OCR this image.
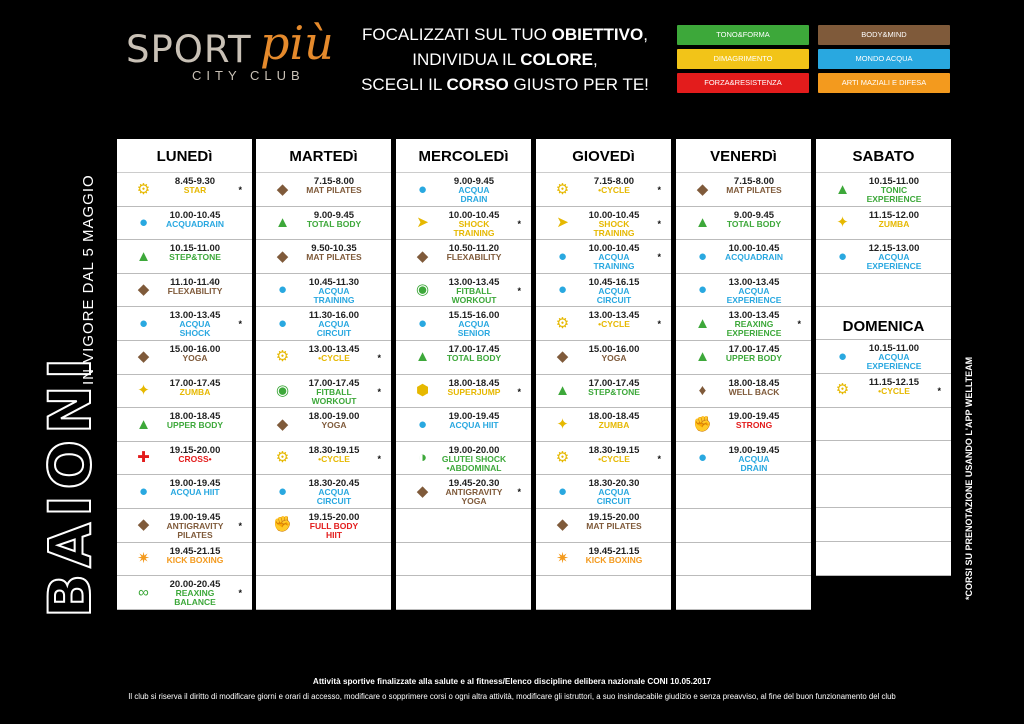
SPORT più
CITY CLUB
FOCALIZZATI SUL TUO OBIETTIVO,
INDIVIDUA IL COLORE,
SCEGLI IL CORSO GIUSTO PER TE!
TONO&FORMA	BODY&MIND
DIMAGRIMENTO	MONDO ACQUA
FORZA&RESISTENZA	ARTI MAZIALI E DIFESA
BAIONI
IN VIGORE DAL 5 MAGGIO
*CORSI SU PRENOTAZIONE USANDO L'APP WELLTEAM
LUNEDì
⚙	8.45-9.30
STAR	*
●	10.00-10.45
ACQUADRAIN
▲	10.15-11.00
STEP&TONE
◆	11.10-11.40
FLEXABILITY
●	13.00-13.45
ACQUA
SHOCK
*
◆	15.00-16.00
YOGA
✦	17.00-17.45
ZUMBA
▲	18.00-18.45
UPPER BODY
✚	19.15-20.00
CROSS•
●	19.00-19.45
ACQUA HIIT
◆	19.00-19.45
ANTIGRAVITY
PILATES
*
✷	19.45-21.15
KICK BOXING
∞	20.00-20.45
REAXING
BALANCE
*
MARTEDì
◆	7.15-8.00
MAT PILATES
▲	9.00-9.45
TOTAL BODY
◆	9.50-10.35
MAT PILATES
●	10.45-11.30
ACQUA
TRAINING
●	11.30-16.00
ACQUA
CIRCUIT
⚙	13.00-13.45
•CYCLE	*
◉	17.00-17.45
FITBALL
WORKOUT
*
◆	18.00-19.00
YOGA
⚙	18.30-19.15
•CYCLE	*
●	18.30-20.45
ACQUA
CIRCUIT
✊	19.15-20.00
FULL BODY
HIIT
MERCOLEDì
●	9.00-9.45
ACQUA
DRAIN
➤	10.00-10.45
SHOCK
TRAINING
*
◆	10.50-11.20
FLEXABILITY
◉	13.00-13.45
FITBALL
WORKOUT
*
●	15.15-16.00
ACQUA
SENIOR
▲	17.00-17.45
TOTAL BODY
⬢	18.00-18.45
SUPERJUMP	*
●	19.00-19.45
ACQUA HIIT
◑	19.00-20.00
GLUTEI SHOCK
•ABDOMINAL
◆	19.45-20.30
ANTIGRAVITY
YOGA
*
GIOVEDì
⚙	7.15-8.00
•CYCLE	*
➤	10.00-10.45
SHOCK
TRAINING
*
●	10.00-10.45
ACQUA
TRAINING
*
●	10.45-16.15
ACQUA
CIRCUIT
⚙	13.00-13.45
•CYCLE	*
◆	15.00-16.00
YOGA
▲	17.00-17.45
STEP&TONE
✦	18.00-18.45
ZUMBA
⚙	18.30-19.15
•CYCLE	*
●	18.30-20.30
ACQUA
CIRCUIT
◆	19.15-20.00
MAT PILATES
✷	19.45-21.15
KICK BOXING
VENERDì
◆	7.15-8.00
MAT PILATES
▲	9.00-9.45
TOTAL BODY
●	10.00-10.45
ACQUADRAIN
●	13.00-13.45
ACQUA
EXPERIENCE
▲	13.00-13.45
REAXING
EXPERIENCE
*
▲	17.00-17.45
UPPER BODY
♦	18.00-18.45
WELL BACK
✊	19.00-19.45
STRONG
●	19.00-19.45
ACQUA
DRAIN
SABATO
▲	10.15-11.00
TONIC
EXPERIENCE
✦	11.15-12.00
ZUMBA
●	12.15-13.00
ACQUA
EXPERIENCE
DOMENICA
●	10.15-11.00
ACQUA
EXPERIENCE
⚙	11.15-12.15
•CYCLE	*
Attività sportive finalizzate alla salute e al fitness/Elenco discipline delibera nazionale CONI 10.05.2017
Il club si riserva il diritto di modificare giorni e orari di accesso, modificare o sopprimere corsi o ogni altra attività, modificare gli istruttori, a suo insindacabile giudizio e senza preavviso, al fine del buon funzionamento del club
